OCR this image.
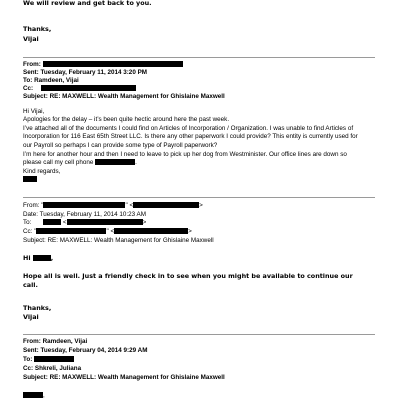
We will review and get back to you.
Thanks,
Vijai
From:
Sent: Tuesday, February 11, 2014 3:20 PM
To: Ramdeen, Vijai
Cc:
Subject: RE: MAXWELL: Wealth Management for Ghislaine Maxwell
Hi Vijai,
Apologies for the delay – it’s been quite hectic around here the past week.
I’ve attached all of the documents I could find on Articles of Incorporation / Organization. I was unable to find Articles of
Incorporation for 116 East 65th Street LLC. Is there any other paperwork I could provide? This entity is currently used for
our Payroll so perhaps I can provide some type of Payroll paperwork?
I’m here for another hour and then I need to leave to pick up her dog from Westminister. Our office lines are down so
please call my cell phone	.
Kind regards,
From: "	" <	>
Date: Tuesday, February 11, 2014 10:23 AM
To:	<	>
Cc: "	" <	>
Subject: RE: MAXWELL: Wealth Management for Ghislaine Maxwell
Hi	,
Hope all is well. Just a friendly check in to see when you might be available to continue our
call.
Thanks,
Vijai
From: Ramdeen, Vijai
Sent: Tuesday, February 04, 2014 9:29 AM
To:
Cc: Shkreli, Juliana
Subject: RE: MAXWELL: Wealth Management for Ghislaine Maxwell
,
